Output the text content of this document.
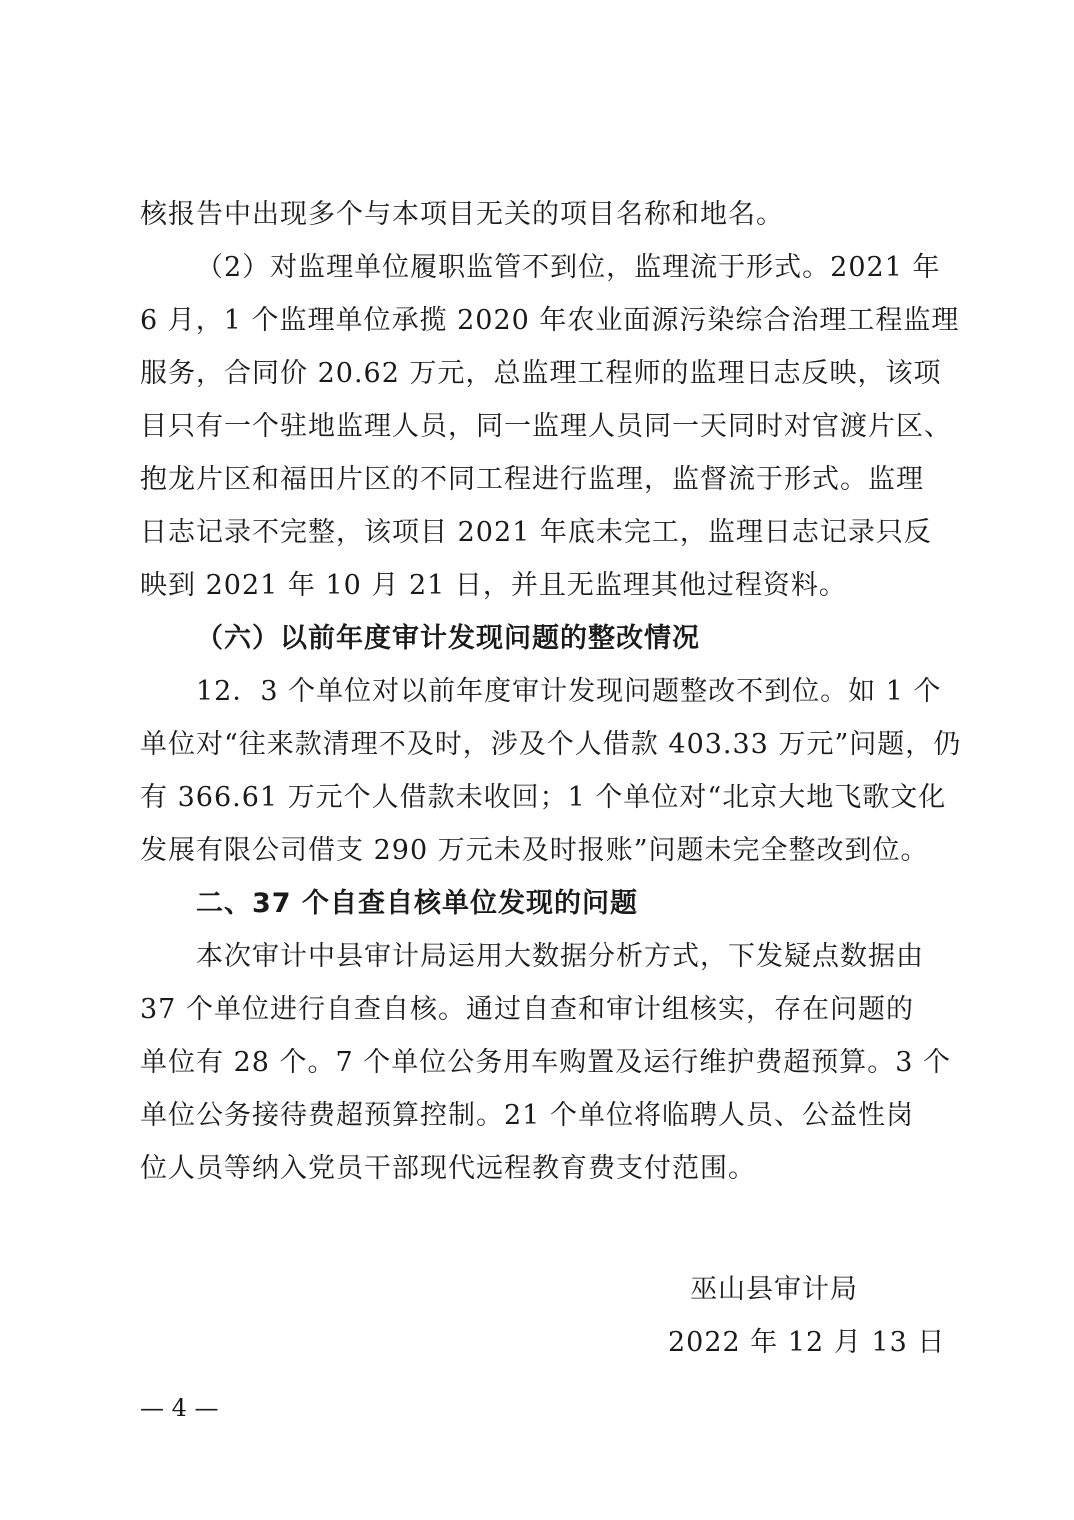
核报告中出现多个与本项目无关的项目名称和地名。
（2）对监理单位履职监管不到位，监理流于形式。2021 年
6 月，1 个监理单位承揽 2020 年农业面源污染综合治理工程监理
服务，合同价 20.62 万元，总监理工程师的监理日志反映，该项
目只有一个驻地监理人员，同一监理人员同一天同时对官渡片区、
抱龙片区和福田片区的不同工程进行监理，监督流于形式。监理
日志记录不完整，该项目 2021 年底未完工，监理日志记录只反
映到 2021 年 10 月 21 日，并且无监理其他过程资料。
（六）以前年度审计发现问题的整改情况
12．3 个单位对以前年度审计发现问题整改不到位。如 1 个
单位对“往来款清理不及时，涉及个人借款 403.33 万元”问题，仍
有 366.61 万元个人借款未收回；1 个单位对“北京大地飞歌文化
发展有限公司借支 290 万元未及时报账”问题未完全整改到位。
二、37 个自查自核单位发现的问题
本次审计中县审计局运用大数据分析方式，下发疑点数据由
37 个单位进行自查自核。通过自查和审计组核实，存在问题的
单位有 28 个。7 个单位公务用车购置及运行维护费超预算。3 个
单位公务接待费超预算控制。21 个单位将临聘人员、公益性岗
位人员等纳入党员干部现代远程教育费支付范围。
巫山县审计局
2022 年 12 月 13 日
— 4 —
